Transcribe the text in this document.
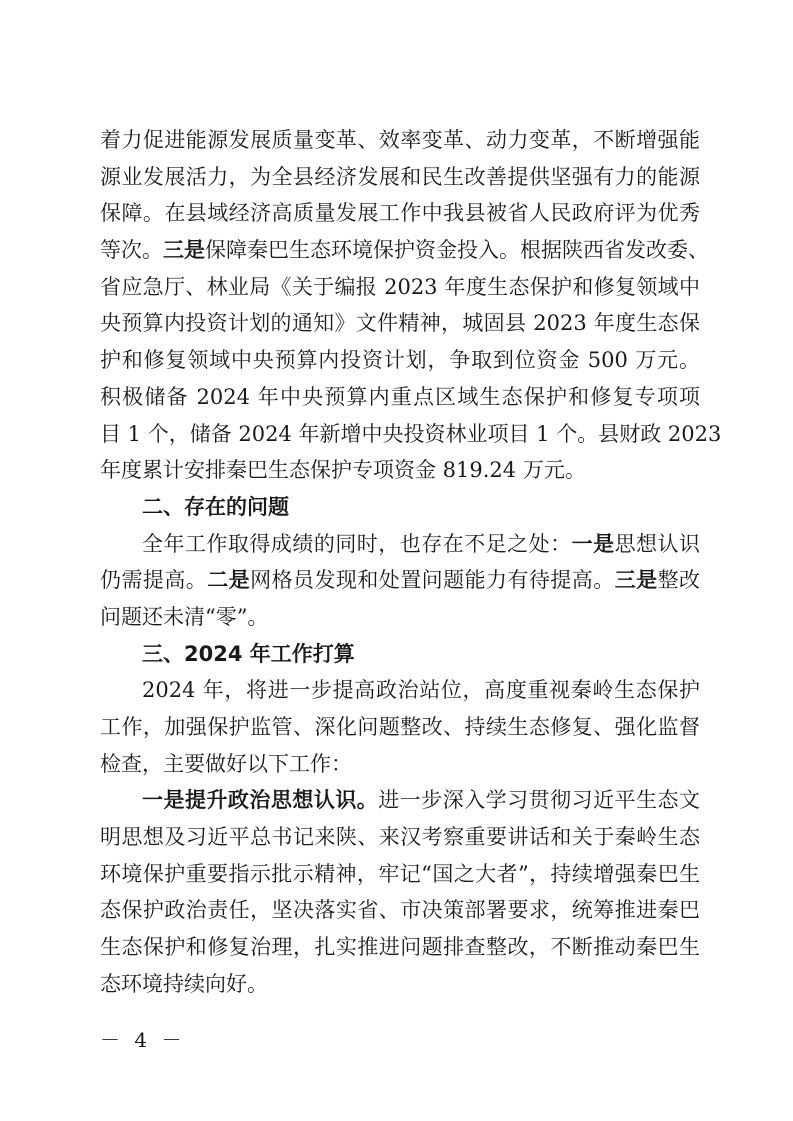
着力促进能源发展质量变革、效率变革、动力变革，不断增强能
源业发展活力，为全县经济发展和民生改善提供坚强有力的能源
保障。在县域经济高质量发展工作中我县被省人民政府评为优秀
等次。三是保障秦巴生态环境保护资金投入。根据陕西省发改委、
省应急厅、林业局《关于编报 2023 年度生态保护和修复领域中
央预算内投资计划的通知》文件精神，城固县 2023 年度生态保
护和修复领域中央预算内投资计划，争取到位资金 500 万元。
积极储备 2024 年中央预算内重点区域生态保护和修复专项项
目 1 个，储备 2024 年新增中央投资林业项目 1 个。县财政 2023
年度累计安排秦巴生态保护专项资金 819.24 万元。
二、存在的问题
全年工作取得成绩的同时，也存在不足之处：一是思想认识
仍需提高。二是网格员发现和处置问题能力有待提高。三是整改
问题还未清“零”。
三、2024 年工作打算
2024 年，将进一步提高政治站位，高度重视秦岭生态保护
工作，加强保护监管、深化问题整改、持续生态修复、强化监督
检查，主要做好以下工作：
一是提升政治思想认识。进一步深入学习贯彻习近平生态文
明思想及习近平总书记来陕、来汉考察重要讲话和关于秦岭生态
环境保护重要指示批示精神，牢记“国之大者”，持续增强秦巴生
态保护政治责任，坚决落实省、市决策部署要求，统筹推进秦巴
生态保护和修复治理，扎实推进问题排查整改，不断推动秦巴生
态环境持续向好。
－ 4 －
